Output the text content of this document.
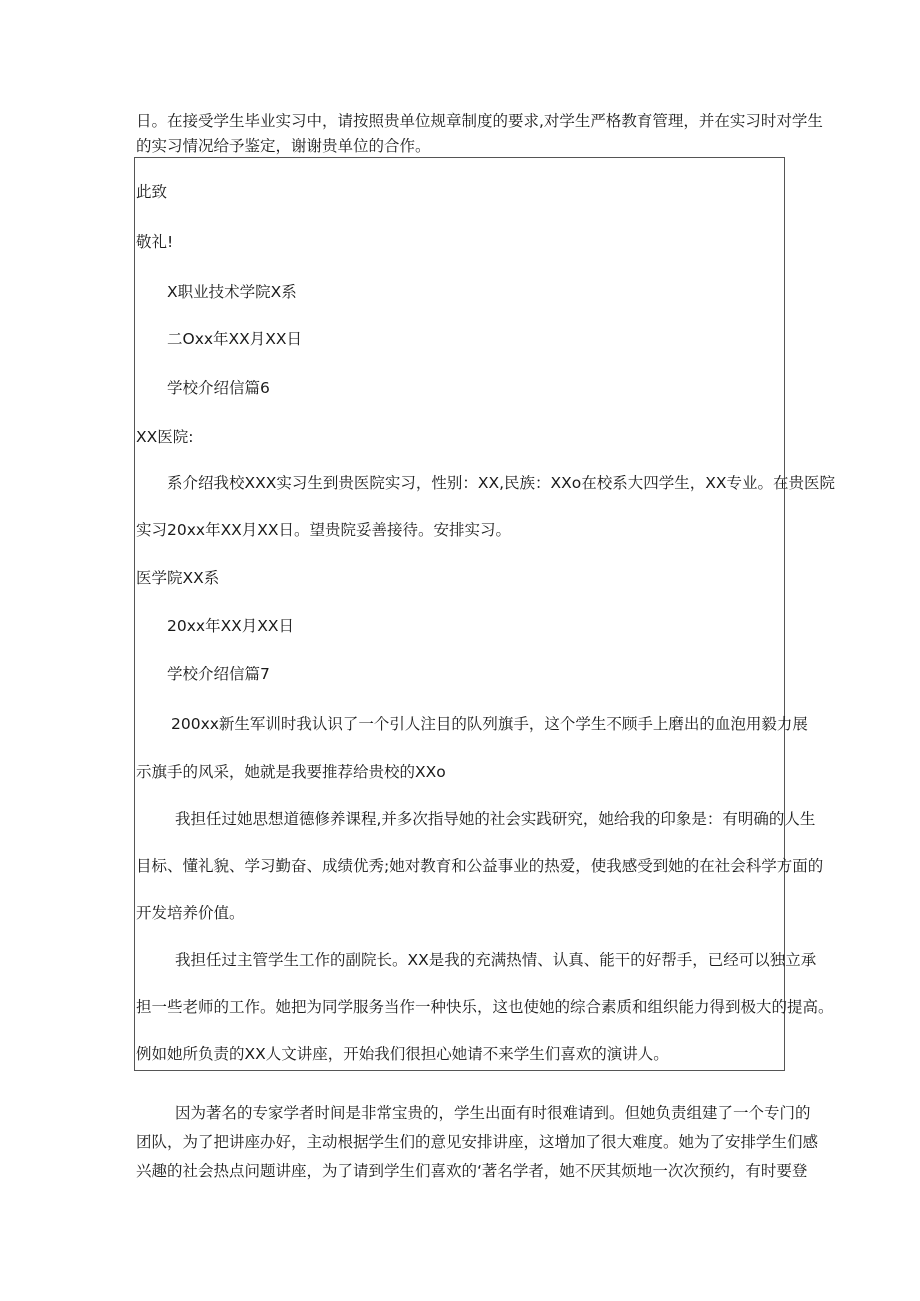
日。在接受学生毕业实习中，请按照贵单位规章制度的要求,对学生严格教育管理，并在实习时对学生
的实习情况给予鉴定，谢谢贵单位的合作。
此致
敬礼!
X职业技术学院X系
二Oxx年XX月XX日
学校介绍信篇6
XX医院:
系介绍我校XXX实习生到贵医院实习，性别：XX,民族：XXo在校系大四学生，XX专业。在贵医院
实习20xx年XX月XX日。望贵院妥善接待。安排实习。
医学院XX系
20xx年XX月XX日
学校介绍信篇7
200xx新生军训时我认识了一个引人注目的队列旗手，这个学生不顾手上磨出的血泡用毅力展
示旗手的风采，她就是我要推荐给贵校的XXo
我担任过她思想道德修养课程,并多次指导她的社会实践研究，她给我的印象是：有明确的人生
目标、懂礼貌、学习勤奋、成绩优秀;她对教育和公益事业的热爱，使我感受到她的在社会科学方面的
开发培养价值。
我担任过主管学生工作的副院长。XX是我的充满热情、认真、能干的好帮手，已经可以独立承
担一些老师的工作。她把为同学服务当作一种快乐，这也使她的综合素质和组织能力得到极大的提高。
例如她所负责的XX人文讲座，开始我们很担心她请不来学生们喜欢的演讲人。
因为著名的专家学者时间是非常宝贵的，学生出面有时很难请到。但她负责组建了一个专门的
团队，为了把讲座办好，主动根据学生们的意见安排讲座，这增加了很大难度。她为了安排学生们感
兴趣的社会热点问题讲座，为了请到学生们喜欢的‘著名学者，她不厌其烦地一次次预约，有时要登
